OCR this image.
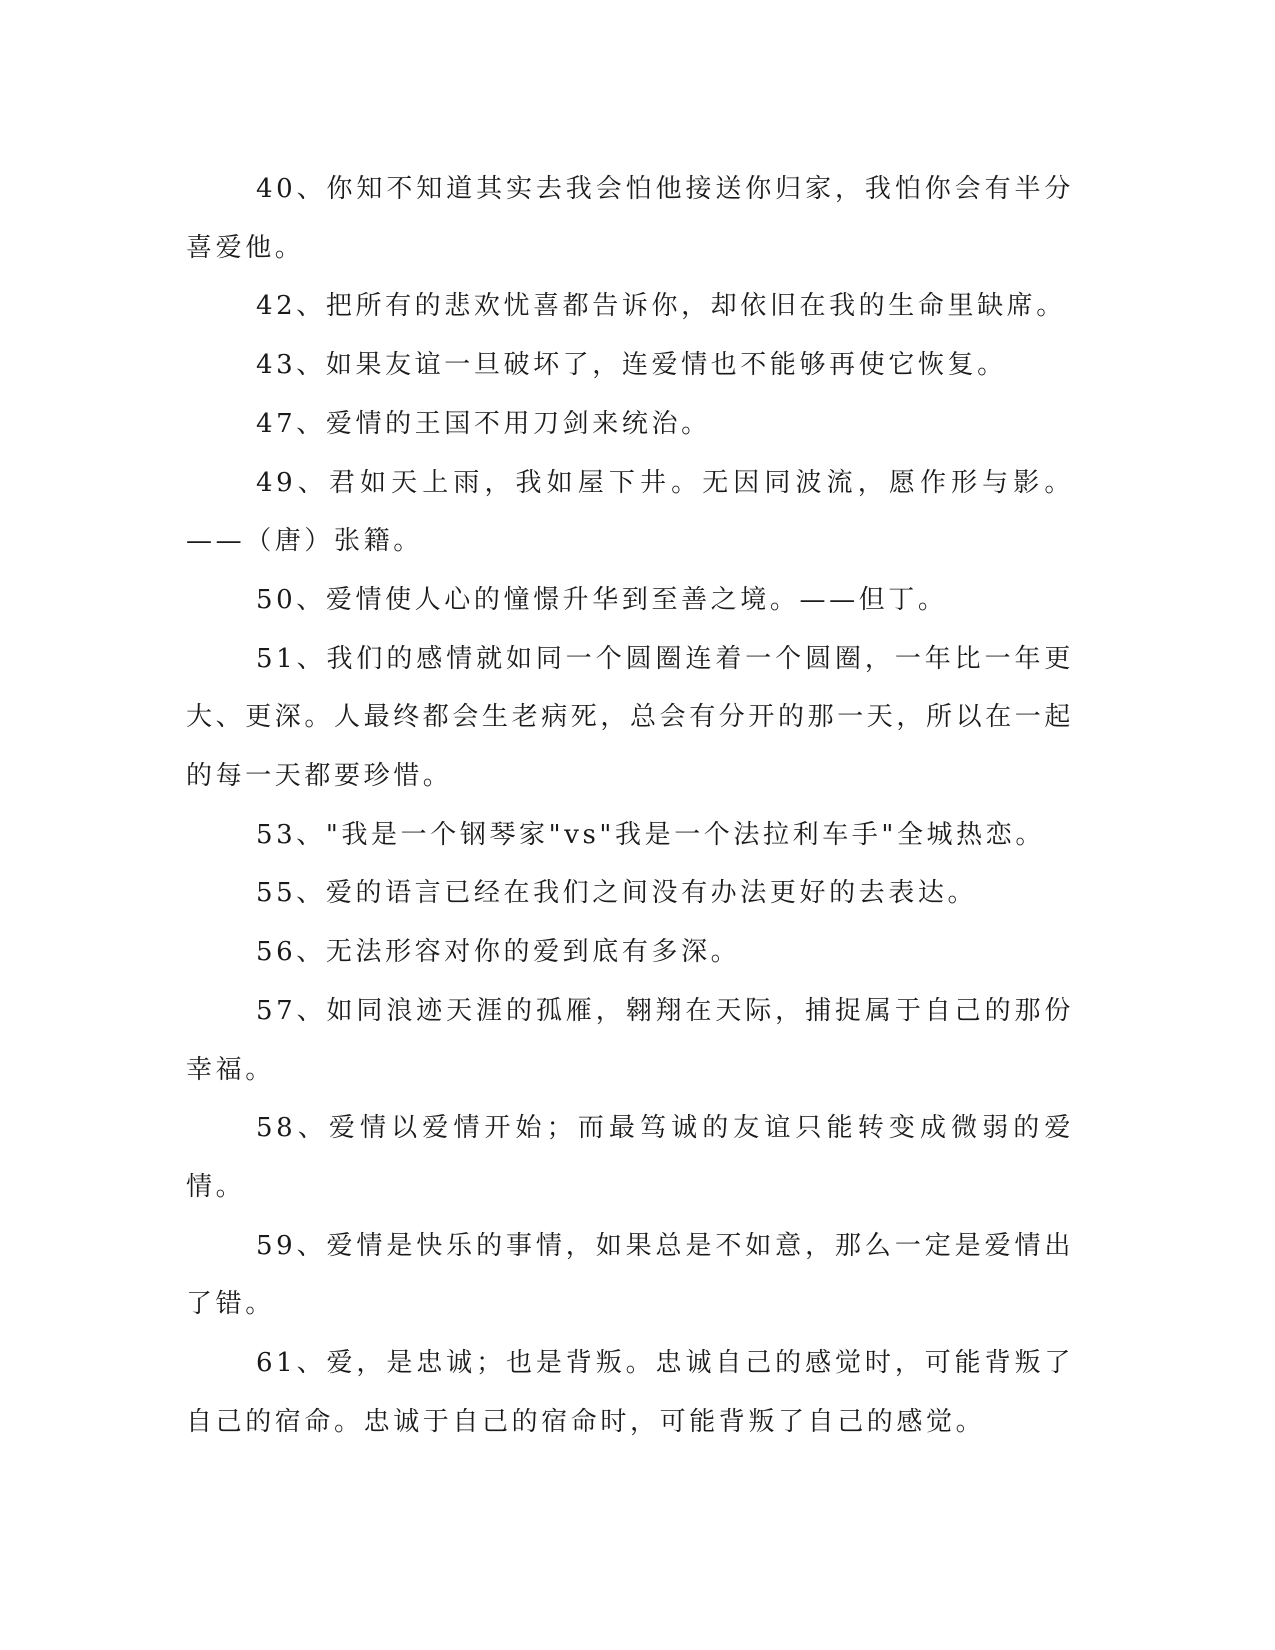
40、你知不知道其实去我会怕他接送你归家，我怕你会有半分喜爱他。

42、把所有的悲欢忧喜都告诉你，却依旧在我的生命里缺席。

43、如果友谊一旦破坏了，连爱情也不能够再使它恢复。

47、爱情的王国不用刀剑来统治。

49、君如天上雨，我如屋下井。无因同波流，愿作形与影。——（唐）张籍。

50、爱情使人心的憧憬升华到至善之境。——但丁。

51、我们的感情就如同一个圆圈连着一个圆圈，一年比一年更大、更深。人最终都会生老病死，总会有分开的那一天，所以在一起的每一天都要珍惜。

53、"我是一个钢琴家"vs"我是一个法拉利车手"全城热恋。

55、爱的语言已经在我们之间没有办法更好的去表达。

56、无法形容对你的爱到底有多深。

57、如同浪迹天涯的孤雁，翱翔在天际，捕捉属于自己的那份幸福。

58、爱情以爱情开始；而最笃诚的友谊只能转变成微弱的爱情。

59、爱情是快乐的事情，如果总是不如意，那么一定是爱情出了错。

61、爱，是忠诚；也是背叛。忠诚自己的感觉时，可能背叛了自己的宿命。忠诚于自己的宿命时，可能背叛了自己的感觉。
